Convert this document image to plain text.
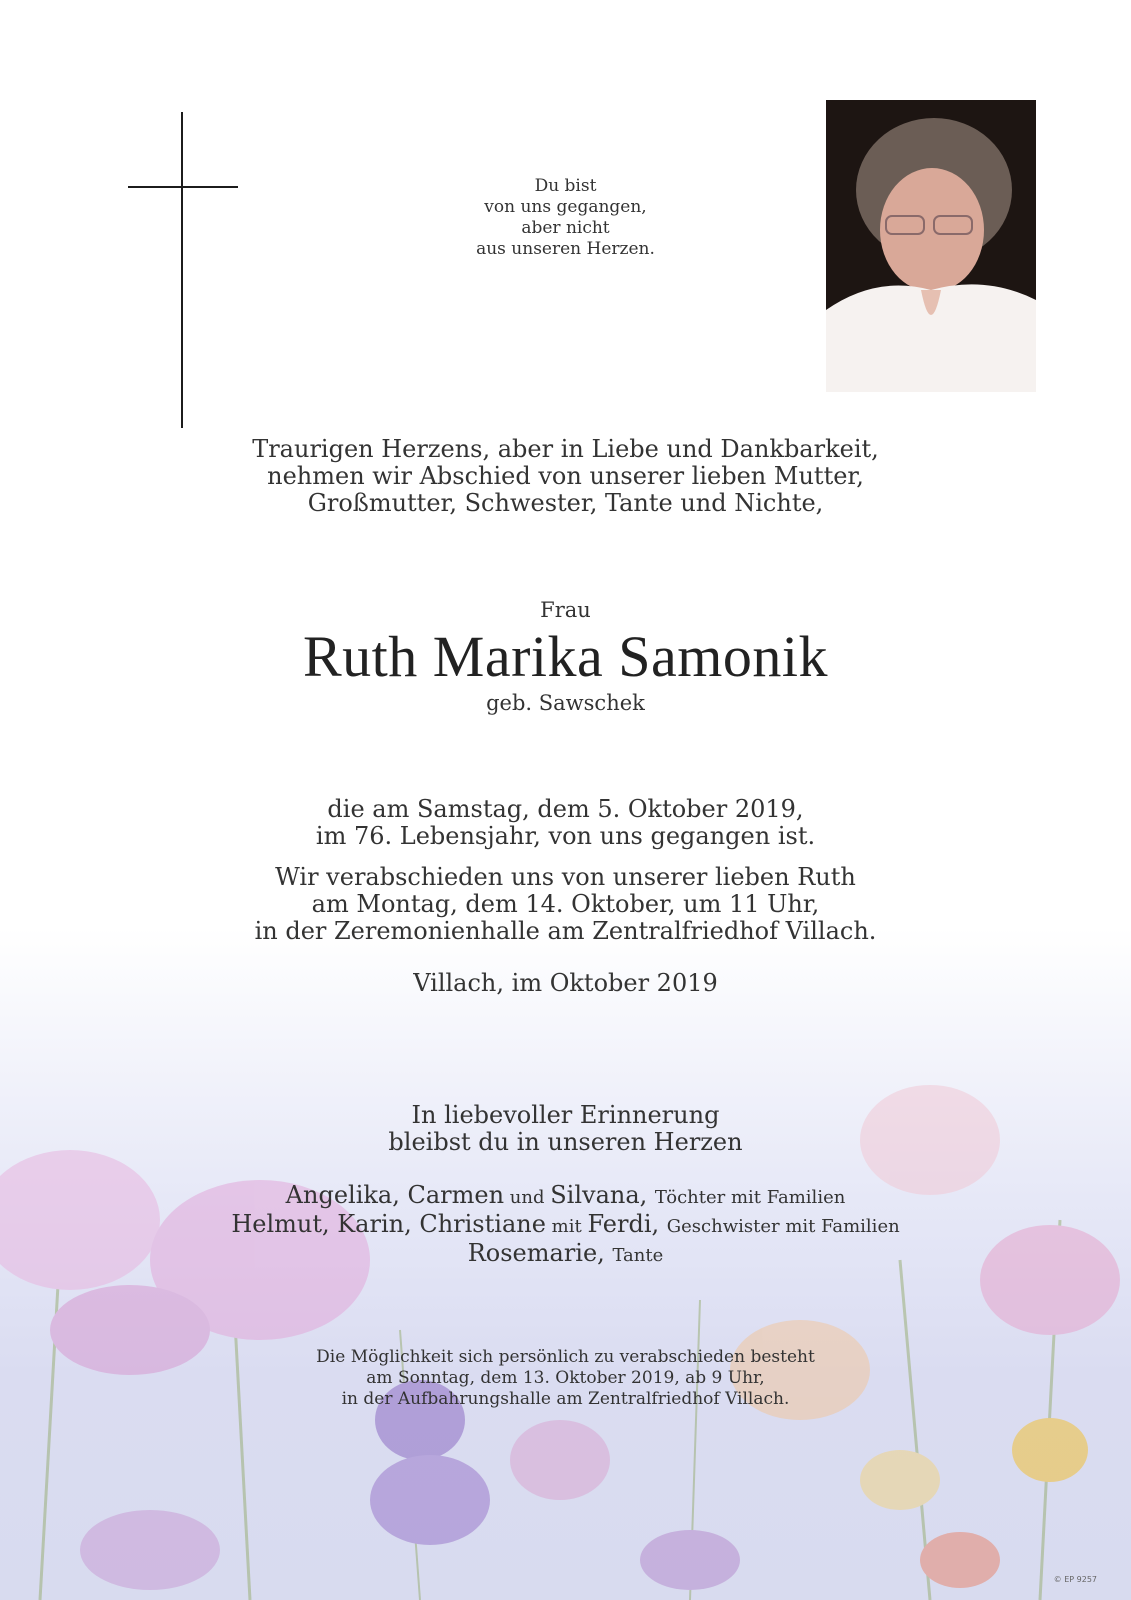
Du bist
von uns gegangen,
aber nicht
aus unseren Herzen.
Traurigen Herzens, aber in Liebe und Dankbarkeit,
nehmen wir Abschied von unserer lieben Mutter,
Großmutter, Schwester, Tante und Nichte,
Frau
Ruth Marika Samonik
geb. Sawschek
die am Samstag, dem 5. Oktober 2019,
im 76. Lebensjahr, von uns gegangen ist.
Wir verabschieden uns von unserer lieben Ruth
am Montag, dem 14. Oktober, um 11 Uhr,
in der Zeremonienhalle am Zentralfriedhof Villach.
Villach, im Oktober 2019
In liebevoller Erinnerung
bleibst du in unseren Herzen
Angelika, Carmen und Silvana, Töchter mit Familien
Helmut, Karin, Christiane mit Ferdi, Geschwister mit Familien
Rosemarie, Tante
Die Möglichkeit sich persönlich zu verabschieden besteht
am Sonntag, dem 13. Oktober 2019, ab 9 Uhr,
in der Aufbahrungshalle am Zentralfriedhof Villach.
© EP 9257
